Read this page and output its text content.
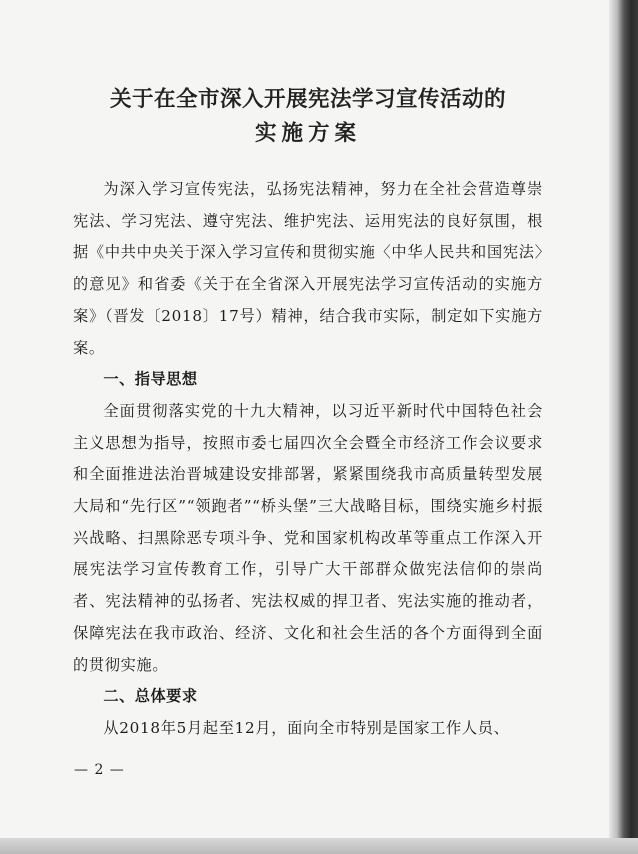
关于在全市深入开展宪法学习宣传活动的
实施方案

为深入学习宣传宪法，弘扬宪法精神，努力在全社会营造尊崇宪法、学习宪法、遵守宪法、维护宪法、运用宪法的良好氛围，根据《中共中央关于深入学习宣传和贯彻实施〈中华人民共和国宪法〉的意见》和省委《关于在全省深入开展宪法学习宣传活动的实施方案》（晋发〔2018〕17号）精神，结合我市实际，制定如下实施方案。

一、指导思想

全面贯彻落实党的十九大精神，以习近平新时代中国特色社会主义思想为指导，按照市委七届四次全会暨全市经济工作会议要求和全面推进法治晋城建设安排部署，紧紧围绕我市高质量转型发展大局和“先行区”“领跑者”“桥头堡”三大战略目标，围绕实施乡村振兴战略、扫黑除恶专项斗争、党和国家机构改革等重点工作深入开展宪法学习宣传教育工作，引导广大干部群众做宪法信仰的崇尚者、宪法精神的弘扬者、宪法权威的捍卫者、宪法实施的推动者，保障宪法在我市政治、经济、文化和社会生活的各个方面得到全面的贯彻实施。

二、总体要求

从2018年5月起至12月，面向全市特别是国家工作人员、

— 2 —
